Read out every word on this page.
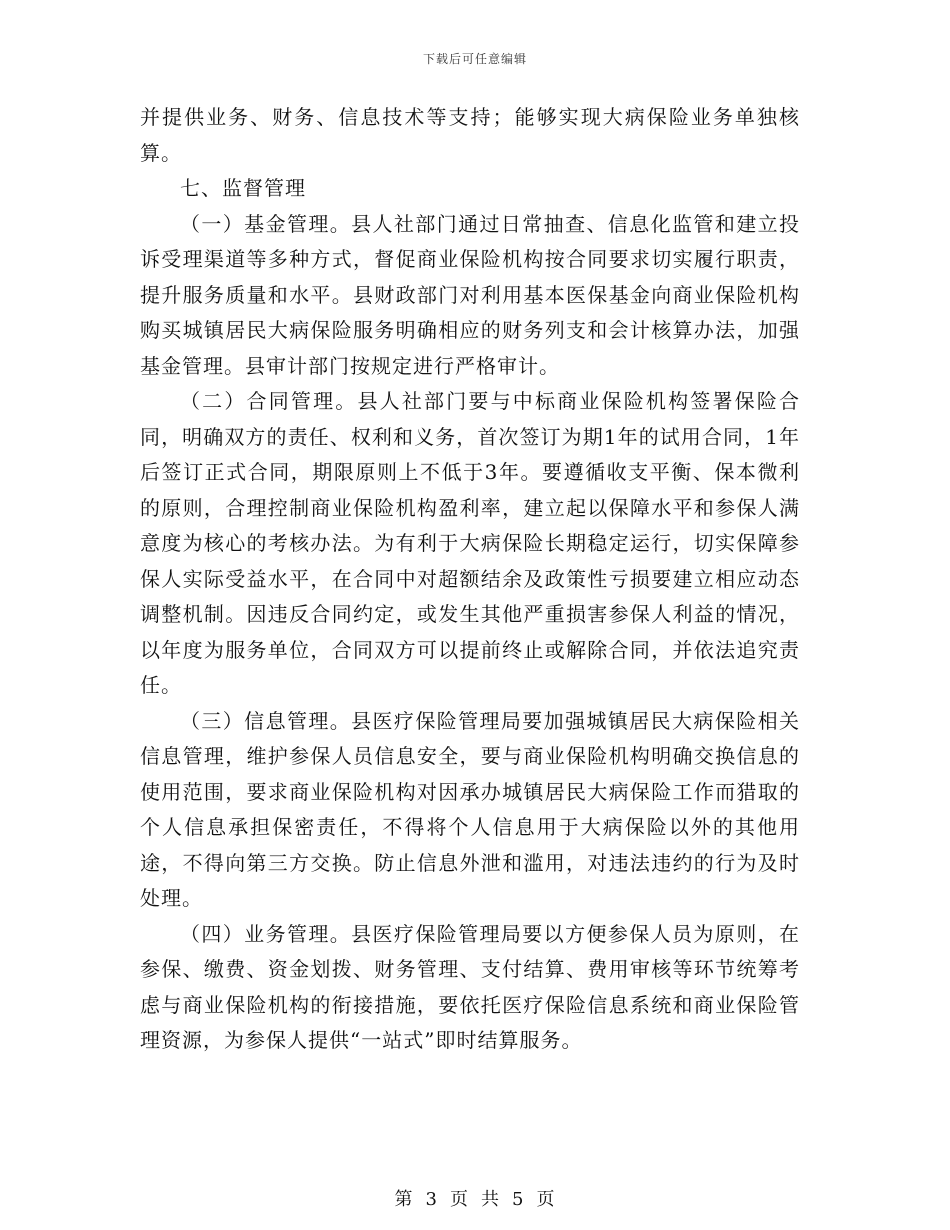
下载后可任意编辑

并提供业务、财务、信息技术等支持；能够实现大病保险业务单独核算。

七、监督管理

（一）基金管理。县人社部门通过日常抽查、信息化监管和建立投诉受理渠道等多种方式，督促商业保险机构按合同要求切实履行职责，提升服务质量和水平。县财政部门对利用基本医保基金向商业保险机构购买城镇居民大病保险服务明确相应的财务列支和会计核算办法，加强基金管理。县审计部门按规定进行严格审计。

（二）合同管理。县人社部门要与中标商业保险机构签署保险合同，明确双方的责任、权利和义务，首次签订为期1年的试用合同，1年后签订正式合同，期限原则上不低于3年。要遵循收支平衡、保本微利的原则，合理控制商业保险机构盈利率，建立起以保障水平和参保人满意度为核心的考核办法。为有利于大病保险长期稳定运行，切实保障参保人实际受益水平，在合同中对超额结余及政策性亏损要建立相应动态调整机制。因违反合同约定，或发生其他严重损害参保人利益的情况，以年度为服务单位，合同双方可以提前终止或解除合同，并依法追究责任。

（三）信息管理。县医疗保险管理局要加强城镇居民大病保险相关信息管理，维护参保人员信息安全，要与商业保险机构明确交换信息的使用范围，要求商业保险机构对因承办城镇居民大病保险工作而猎取的个人信息承担保密责任，不得将个人信息用于大病保险以外的其他用途，不得向第三方交换。防止信息外泄和滥用，对违法违约的行为及时处理。

（四）业务管理。县医疗保险管理局要以方便参保人员为原则，在参保、缴费、资金划拨、财务管理、支付结算、费用审核等环节统筹考虑与商业保险机构的衔接措施，要依托医疗保险信息系统和商业保险管理资源，为参保人提供“一站式”即时结算服务。

第 3 页 共 5 页
